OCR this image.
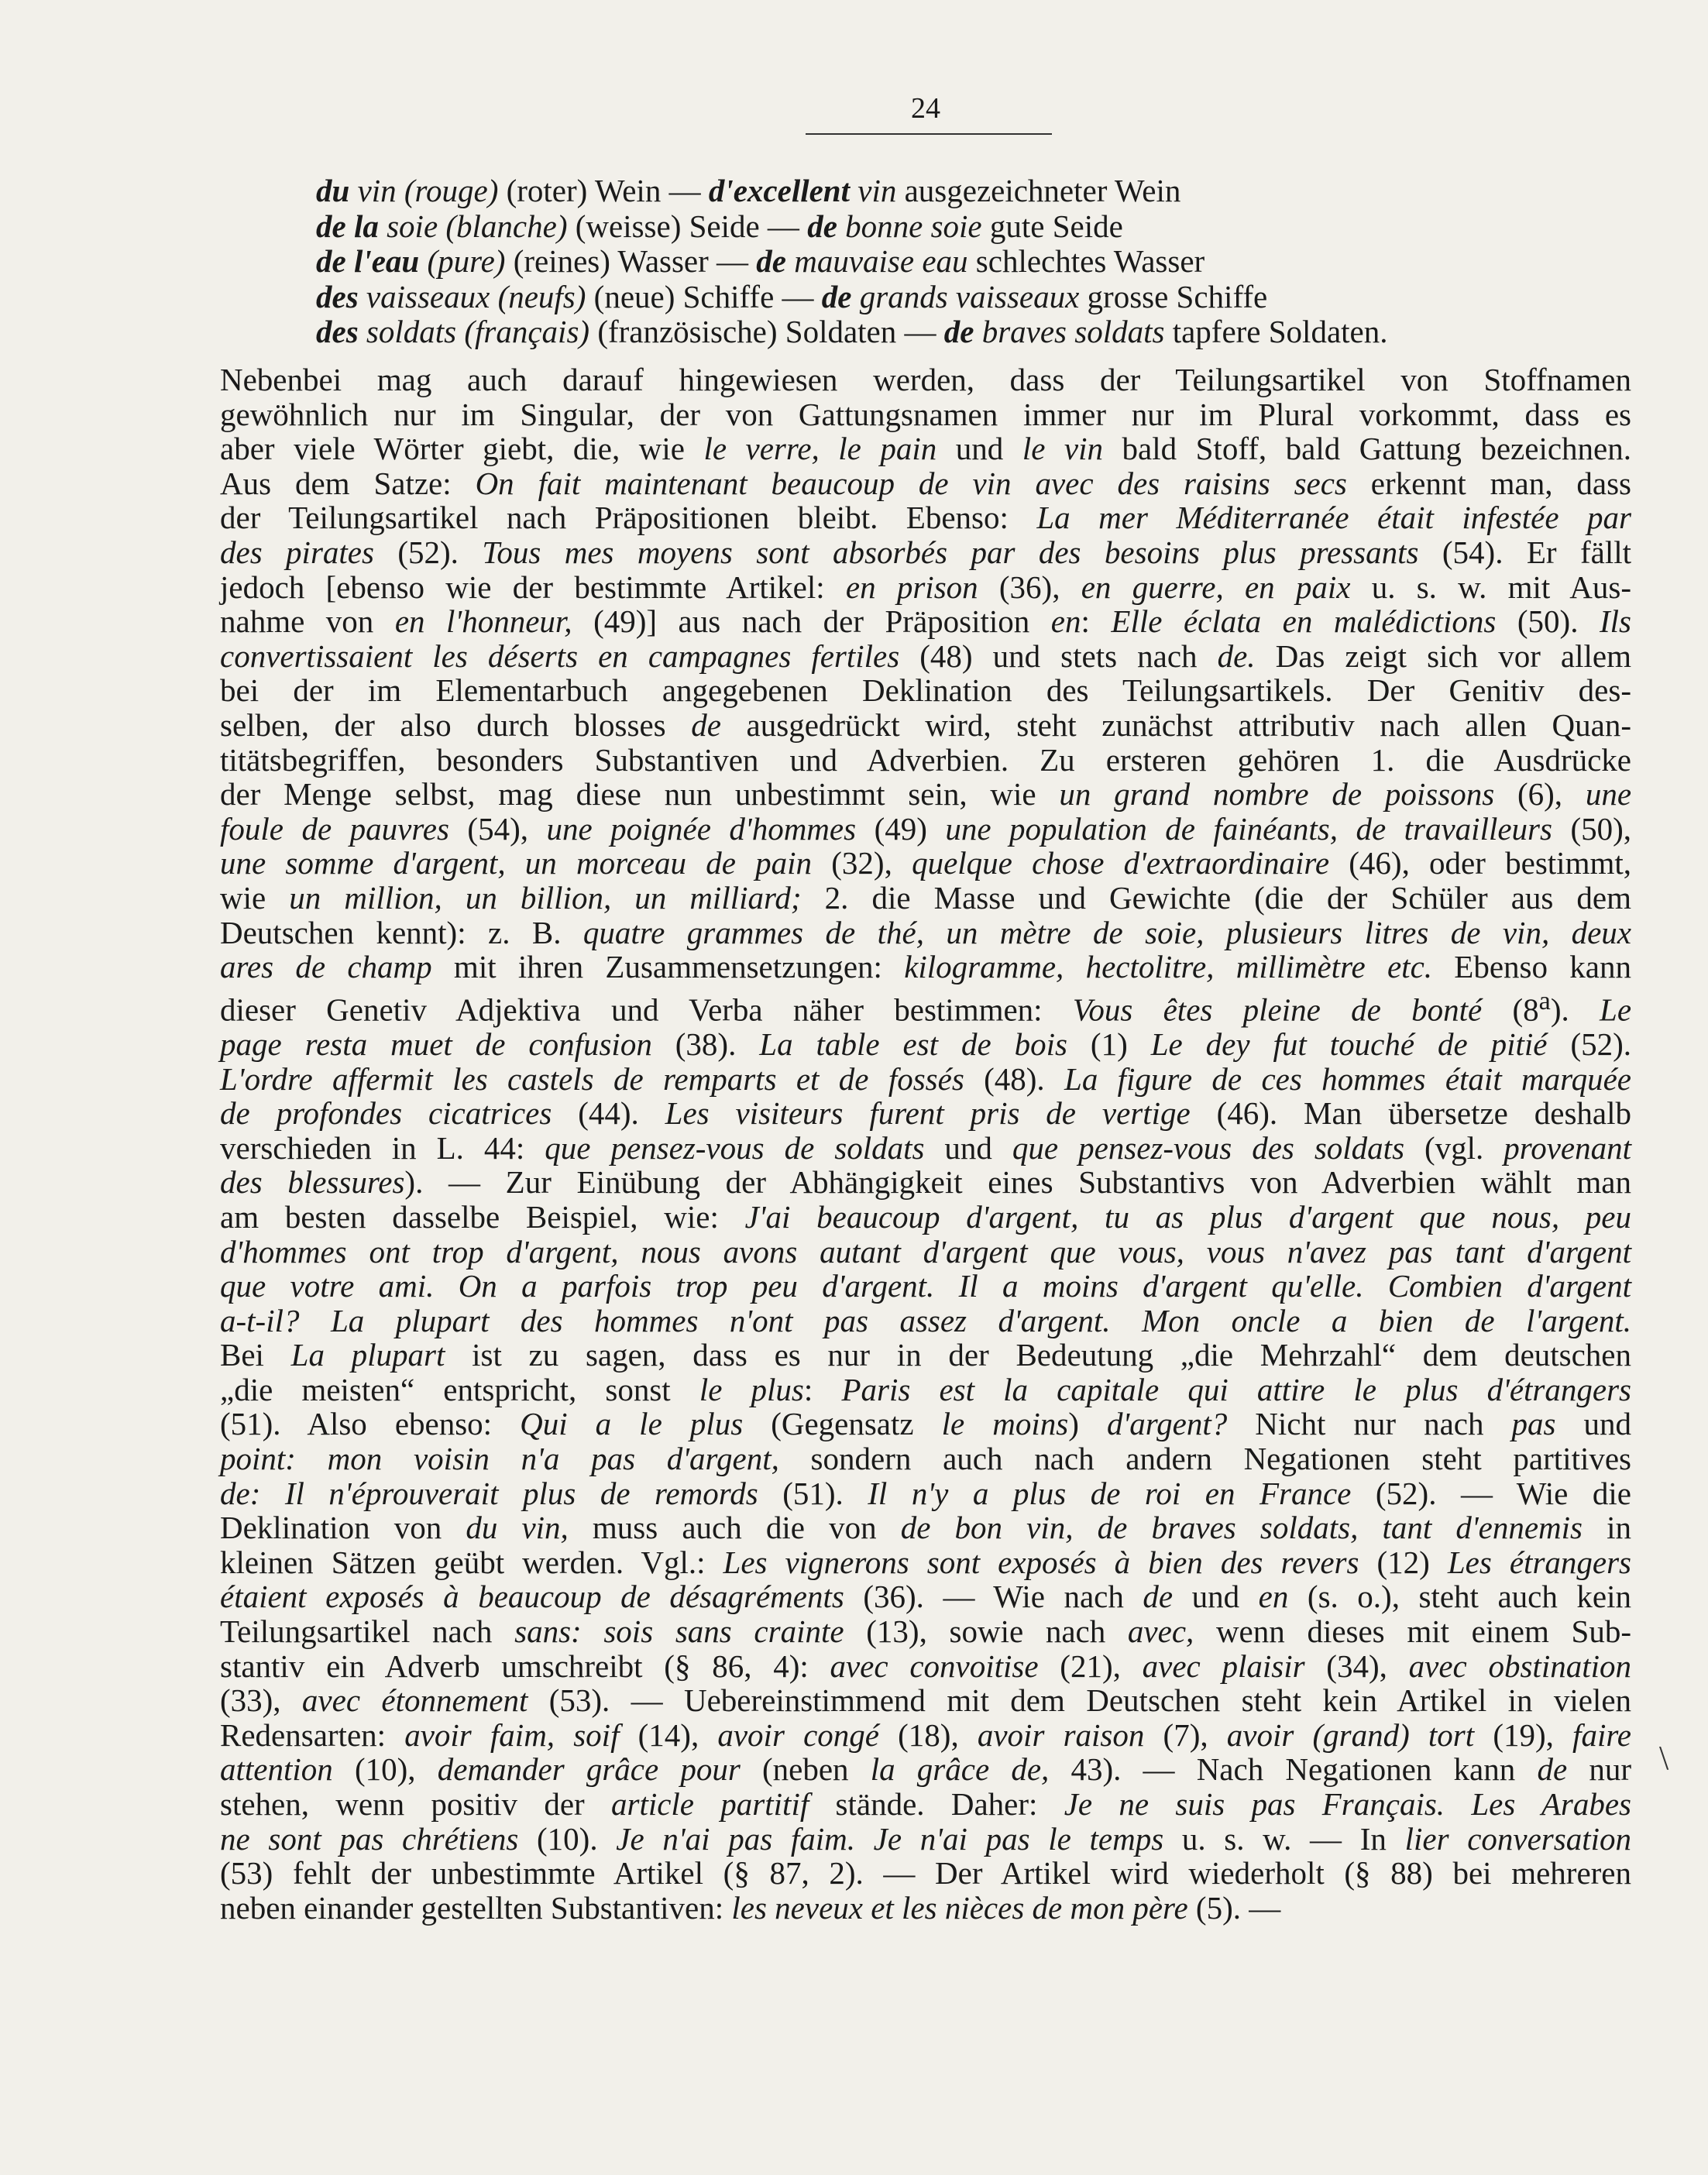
24
du vin (rouge) (roter) Wein — d'excellent vin ausgezeichneter Wein
de la soie (blanche) (weisse) Seide — de bonne soie gute Seide
de l'eau (pure) (reines) Wasser — de mauvaise eau schlechtes Wasser
des vaisseaux (neufs) (neue) Schiffe — de grands vaisseaux grosse Schiffe
des soldats (français) (französische) Soldaten — de braves soldats tapfere Soldaten.
Nebenbei mag auch darauf hingewiesen werden, dass der Teilungsartikel von Stoffnamen
gewöhnlich nur im Singular, der von Gattungsnamen immer nur im Plural vorkommt, dass es
aber viele Wörter giebt, die, wie le verre, le pain und le vin bald Stoff, bald Gattung bezeichnen.
Aus dem Satze: On fait maintenant beaucoup de vin avec des raisins secs erkennt man, dass
der Teilungsartikel nach Präpositionen bleibt. Ebenso: La mer Méditerranée était infestée par
des pirates (52). Tous mes moyens sont absorbés par des besoins plus pressants (54). Er fällt
jedoch [ebenso wie der bestimmte Artikel: en prison (36), en guerre, en paix u. s. w. mit Aus-
nahme von en l'honneur, (49)] aus nach der Präposition en: Elle éclata en malédictions (50). Ils
convertissaient les déserts en campagnes fertiles (48) und stets nach de. Das zeigt sich vor allem
bei der im Elementarbuch angegebenen Deklination des Teilungsartikels. Der Genitiv des-
selben, der also durch blosses de ausgedrückt wird, steht zunächst attributiv nach allen Quan-
titätsbegriffen, besonders Substantiven und Adverbien. Zu ersteren gehören 1. die Ausdrücke
der Menge selbst, mag diese nun unbestimmt sein, wie un grand nombre de poissons (6), une
foule de pauvres (54), une poignée d'hommes (49) une population de fainéants, de travailleurs (50),
une somme d'argent, un morceau de pain (32), quelque chose d'extraordinaire (46), oder bestimmt,
wie un million, un billion, un milliard; 2. die Masse und Gewichte (die der Schüler aus dem
Deutschen kennt): z. B. quatre grammes de thé, un mètre de soie, plusieurs litres de vin, deux
ares de champ mit ihren Zusammensetzungen: kilogramme, hectolitre, millimètre etc. Ebenso kann
dieser Genetiv Adjektiva und Verba näher bestimmen: Vous êtes pleine de bonté (8$^a$). Le
page resta muet de confusion (38). La table est de bois (1) Le dey fut touché de pitié (52).
L'ordre affermit les castels de remparts et de fossés (48). La figure de ces hommes était marquée
de profondes cicatrices (44). Les visiteurs furent pris de vertige (46). Man übersetze deshalb
verschieden in L. 44: que pensez-vous de soldats und que pensez-vous des soldats (vgl. provenant
des blessures). — Zur Einübung der Abhängigkeit eines Substantivs von Adverbien wählt man
am besten dasselbe Beispiel, wie: J'ai beaucoup d'argent, tu as plus d'argent que nous, peu
d'hommes ont trop d'argent, nous avons autant d'argent que vous, vous n'avez pas tant d'argent
que votre ami. On a parfois trop peu d'argent. Il a moins d'argent qu'elle. Combien d'argent
a-t-il? La plupart des hommes n'ont pas assez d'argent. Mon oncle a bien de l'argent.
Bei La plupart ist zu sagen, dass es nur in der Bedeutung „die Mehrzahl“ dem deutschen
„die meisten“ entspricht, sonst le plus: Paris est la capitale qui attire le plus d'étrangers
(51). Also ebenso: Qui a le plus (Gegensatz le moins) d'argent? Nicht nur nach pas und
point: mon voisin n'a pas d'argent, sondern auch nach andern Negationen steht partitives
de: Il n'éprouverait plus de remords (51). Il n'y a plus de roi en France (52). — Wie die
Deklination von du vin, muss auch die von de bon vin, de braves soldats, tant d'ennemis in
kleinen Sätzen geübt werden. Vgl.: Les vignerons sont exposés à bien des revers (12) Les étrangers
étaient exposés à beaucoup de désagréments (36). — Wie nach de und en (s. o.), steht auch kein
Teilungsartikel nach sans: sois sans crainte (13), sowie nach avec, wenn dieses mit einem Sub-
stantiv ein Adverb umschreibt (§ 86, 4): avec convoitise (21), avec plaisir (34), avec obstination
(33), avec étonnement (53). — Uebereinstimmend mit dem Deutschen steht kein Artikel in vielen
Redensarten: avoir faim, soif (14), avoir congé (18), avoir raison (7), avoir (grand) tort (19), faire
attention (10), demander grâce pour (neben la grâce de, 43). — Nach Negationen kann de nur
stehen, wenn positiv der article partitif stände. Daher: Je ne suis pas Français. Les Arabes
ne sont pas chrétiens (10). Je n'ai pas faim. Je n'ai pas le temps u. s. w. — In lier conversation
(53) fehlt der unbestimmte Artikel (§ 87, 2). — Der Artikel wird wiederholt (§ 88) bei mehreren
neben einander gestellten Substantiven: les neveux et les nièces de mon père (5). —
\
